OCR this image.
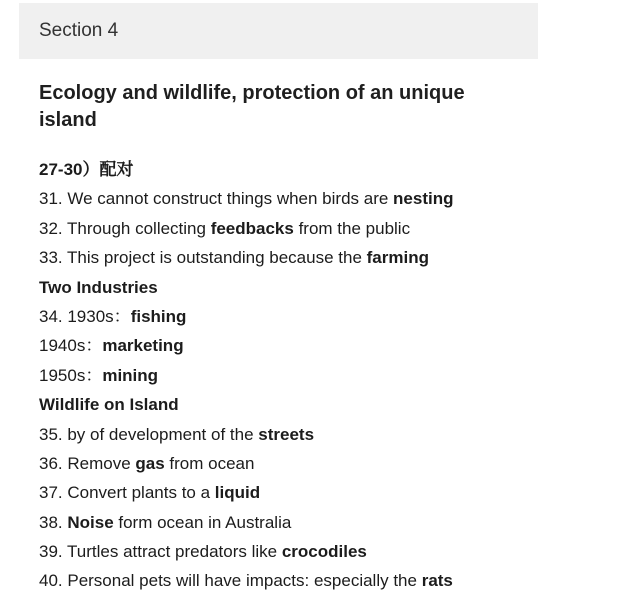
Section 4
Ecology and wildlife, protection of an unique island
27-30）配对
31. We cannot construct things when birds are nesting
32. Through collecting feedbacks from the public
33. This project is outstanding because the farming
Two Industries
34. 1930s：fishing
1940s：marketing
1950s：mining
Wildlife on Island
35. by of development of the streets
36. Remove gas from ocean
37. Convert plants to a liquid
38. Noise form ocean in Australia
39. Turtles attract predators like crocodiles
40. Personal pets will have impacts: especially the rats
